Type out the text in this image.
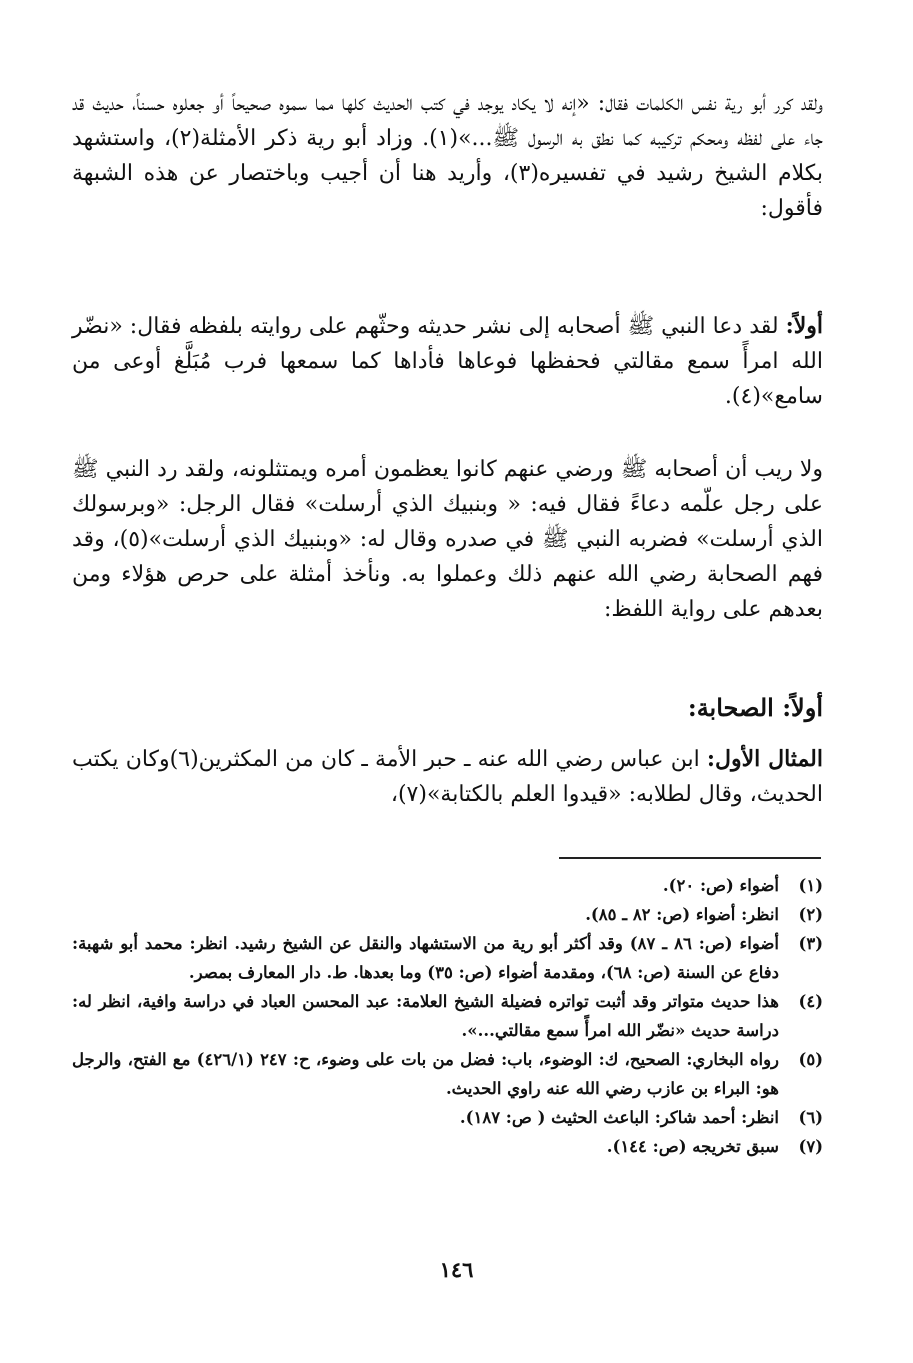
ولقد كرر أبو رية نفس الكلمات فقال: «إنه لا يكاد يوجد في كتب الحديث كلها مما سموه صحيحاً أو جعلوه حسناً، حديث قد جاء على لفظه ومحكم تركيبه كما نطق به الرسول ﷺ...»(١). وزاد أبو رية ذكر الأمثلة(٢)، واستشهد بكلام الشيخ رشيد في تفسيره(٣)، وأريد هنا أن أجيب وباختصار عن هذه الشبهة فأقول:

أولاً: لقد دعا النبي ﷺ أصحابه إلى نشر حديثه وحثّهم على روايته بلفظه فقال: «نضّر الله امرأً سمع مقالتي فحفظها فوعاها فأداها كما سمعها فرب مُبَلَّغ أوعى من سامع»(٤).

ولا ريب أن أصحابه ﷺ ورضي عنهم كانوا يعظمون أمره ويمتثلونه، ولقد رد النبي ﷺ على رجل علّمه دعاءً فقال فيه: « وبنبيك الذي أرسلت» فقال الرجل: «وبرسولك الذي أرسلت» فضربه النبي ﷺ في صدره وقال له: «وبنبيك الذي أرسلت»(٥)، وقد فهم الصحابة رضي الله عنهم ذلك وعملوا به. ونأخذ أمثلة على حرص هؤلاء ومن بعدهم على رواية اللفظ:

أولاً: الصحابة:

المثال الأول: ابن عباس رضي الله عنه ـ حبر الأمة ـ كان من المكثرين(٦)وكان يكتب الحديث، وقال لطلابه: «قيدوا العلم بالكتابة»(٧)،

(١)
أضواء (ص: ٢٠).
(٢)
انظر: أضواء (ص: ٨٢ ـ ٨٥).
(٣)
أضواء (ص: ٨٦ ـ ٨٧) وقد أكثر أبو رية من الاستشهاد والنقل عن الشيخ رشيد. انظر: محمد أبو شهبة: دفاع عن السنة (ص: ٦٨)، ومقدمة أضواء (ص: ٣٥) وما بعدها. ط. دار المعارف بمصر.
(٤)
هذا حديث متواتر وقد أثبت تواتره فضيلة الشيخ العلامة: عبد المحسن العباد في دراسة وافية، انظر له: دراسة حديث «نضّر الله امرأً سمع مقالتي...».
(٥)
رواه البخاري: الصحيح، ك: الوضوء، باب: فضل من بات على وضوء، ح: ٢٤٧ (٤٢٦/١) مع الفتح، والرجل هو: البراء بن عازب رضي الله عنه راوي الحديث.
(٦)
انظر: أحمد شاكر: الباعث الحثيث ( ص: ١٨٧).
(٧)
سبق تخريجه (ص: ١٤٤).
١٤٦
